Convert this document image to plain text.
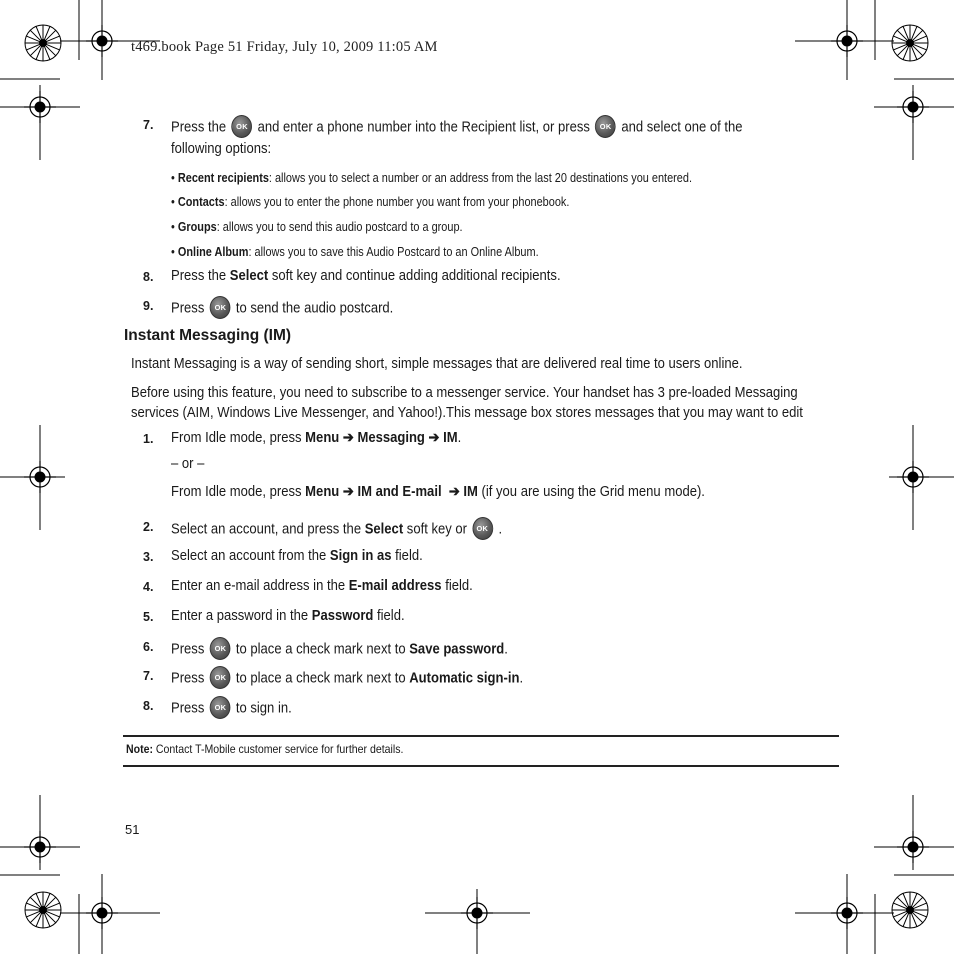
t469.book Page 51 Friday, July 10, 2009 11:05 AM
7. Press the OK and enter a phone number into the Recipient list, or press OK and select one of the
following options:
• Recent recipients: allows you to select a number or an address from the last 20 destinations you entered.
• Contacts: allows you to enter the phone number you want from your phonebook.
• Groups: allows you to send this audio postcard to a group.
• Online Album: allows you to save this Audio Postcard to an Online Album.
8. Press the Select soft key and continue adding additional recipients.
9. Press OK to send the audio postcard.
Instant Messaging (IM)
Instant Messaging is a way of sending short, simple messages that are delivered real time to users online.
Before using this feature, you need to subscribe to a messenger service. Your handset has 3 pre-loaded Messaging
services (AIM, Windows Live Messenger, and Yahoo!).This message box stores messages that you may want to edit
1. From Idle mode, press Menu ➔ Messaging ➔ IM.
– or –
From Idle mode, press Menu ➔ IM and E-mail ➔ IM (if you are using the Grid menu mode).
2. Select an account, and press the Select soft key or OK .
3. Select an account from the Sign in as field.
4. Enter an e-mail address in the E-mail address field.
5. Enter a password in the Password field.
6. Press OK to place a check mark next to Save password.
7. Press OK to place a check mark next to Automatic sign-in.
8. Press OK to sign in.
Note: Contact T-Mobile customer service for further details.
51
